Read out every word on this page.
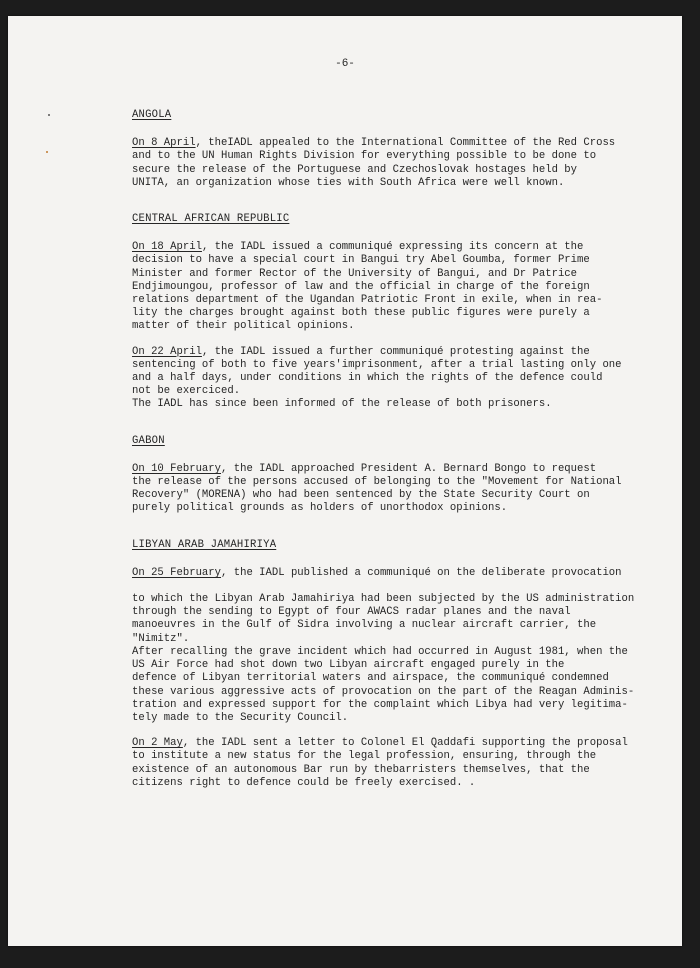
-6-
ANGOLA

On 8 April, theIADL appealed to the International Committee of the Red Cross

and to the UN Human Rights Division for everything possible to be done to

secure the release of the Portuguese and Czechoslovak hostages held by

UNITA, an organization whose ties with South Africa were well known.

CENTRAL AFRICAN REPUBLIC

On 18 April, the IADL issued a communiqué expressing its concern at the

decision to have a special court in Bangui try Abel Goumba, former Prime

Minister and former Rector of the University of Bangui, and Dr Patrice

Endjimoungou, professor of law and the official in charge of the foreign

relations department of the Ugandan Patriotic Front in exile, when in rea-

lity the charges brought against both these public figures were purely a

matter of their political opinions.

On 22 April, the IADL issued a further communiqué protesting against the

sentencing of both to five years'imprisonment, after a trial lasting only one

and a half days, under conditions in which the rights of the defence could

not be exerciced.

The IADL has since been informed of the release of both prisoners.

GABON

On 10 February, the IADL approached President A. Bernard Bongo to request

the release of the persons accused of belonging to the "Movement for National

Recovery" (MORENA) who had been sentenced by the State Security Court on

purely political grounds as holders of unorthodox opinions.

LIBYAN ARAB JAMAHIRIYA

On 25 February, the IADL published a communiqué on the deliberate provocation

to which the Libyan Arab Jamahiriya had been subjected by the US administration

through the sending to Egypt of four AWACS radar planes and the naval

manoeuvres in the Gulf of Sidra involving a nuclear aircraft carrier, the

"Nimitz".

After recalling the grave incident which had occurred in August 1981, when the

US Air Force had shot down two Libyan aircraft engaged purely in the

defence of Libyan territorial waters and airspace, the communiqué condemned

these various aggressive acts of provocation on the part of the Reagan Adminis-

tration and expressed support for the complaint which Libya had very legitima-

tely made to the Security Council.

On 2 May, the IADL sent a letter to Colonel El Qaddafi supporting the proposal

to institute a new status for the legal profession, ensuring, through the

existence of an autonomous Bar run by thebarristers themselves, that the

citizens right to defence could be freely exercised. .
